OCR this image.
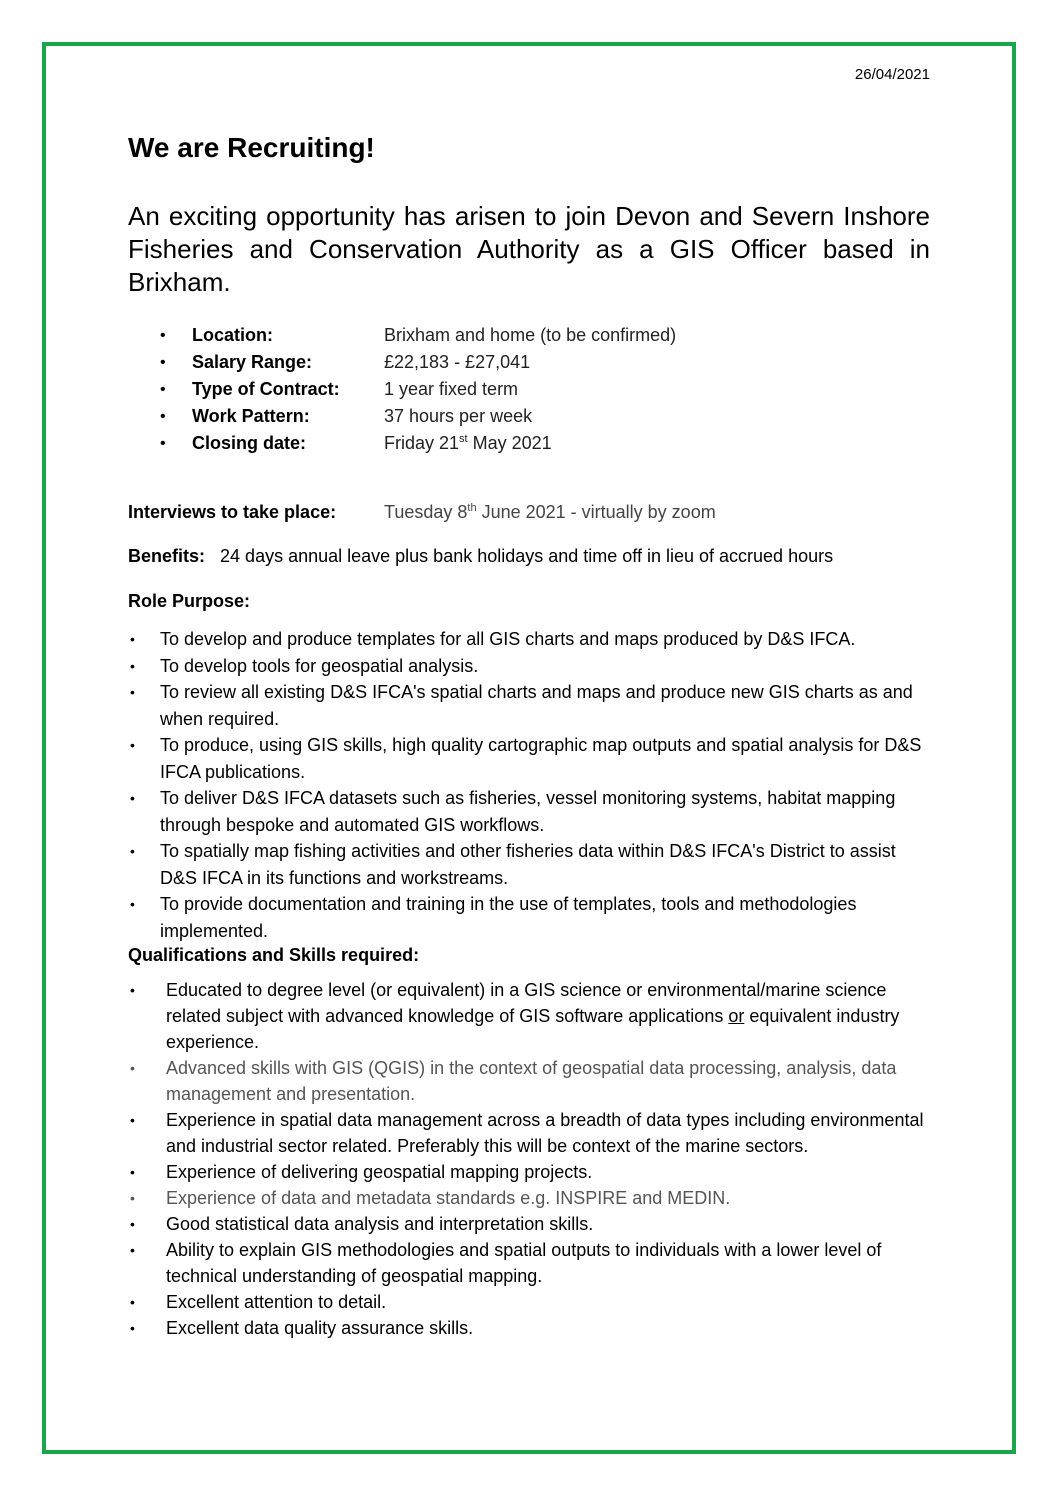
26/04/2021
We are Recruiting!

An exciting opportunity has arisen to join Devon and Severn Inshore Fisheries and Conservation Authority as a GIS Officer based in Brixham.

• Location:	Brixham and home (to be confirmed)
• Salary Range:	£22,183 - £27,041
• Type of Contract: 1 year fixed term
• Work Pattern:	37 hours per week
• Closing date:	Friday 21st May 2021
Interviews to take place:	Tuesday 8th June 2021 - virtually by zoom
Benefits: 24 days annual leave plus bank holidays and time off in lieu of accrued hours
Role Purpose:
• To develop and produce templates for all GIS charts and maps produced by D&S IFCA.
• To develop tools for geospatial analysis.
• To review all existing D&S IFCA's spatial charts and maps and produce new GIS charts as and when required.
• To produce, using GIS skills, high quality cartographic map outputs and spatial analysis for D&S IFCA publications.
• To deliver D&S IFCA datasets such as fisheries, vessel monitoring systems, habitat mapping through bespoke and automated GIS workflows.
• To spatially map fishing activities and other fisheries data within D&S IFCA's District to assist D&S IFCA in its functions and workstreams.
• To provide documentation and training in the use of templates, tools and methodologies implemented.
Qualifications and Skills required:
• Educated to degree level (or equivalent) in a GIS science or environmental/marine science related subject with advanced knowledge of GIS software applications or equivalent industry experience.
• Advanced skills with GIS (QGIS) in the context of geospatial data processing, analysis, data management and presentation.
• Experience in spatial data management across a breadth of data types including environmental and industrial sector related. Preferably this will be context of the marine sectors.
• Experience of delivering geospatial mapping projects.
• Experience of data and metadata standards e.g. INSPIRE and MEDIN.
• Good statistical data analysis and interpretation skills.
• Ability to explain GIS methodologies and spatial outputs to individuals with a lower level of technical understanding of geospatial mapping.
• Excellent attention to detail.
• Excellent data quality assurance skills.
